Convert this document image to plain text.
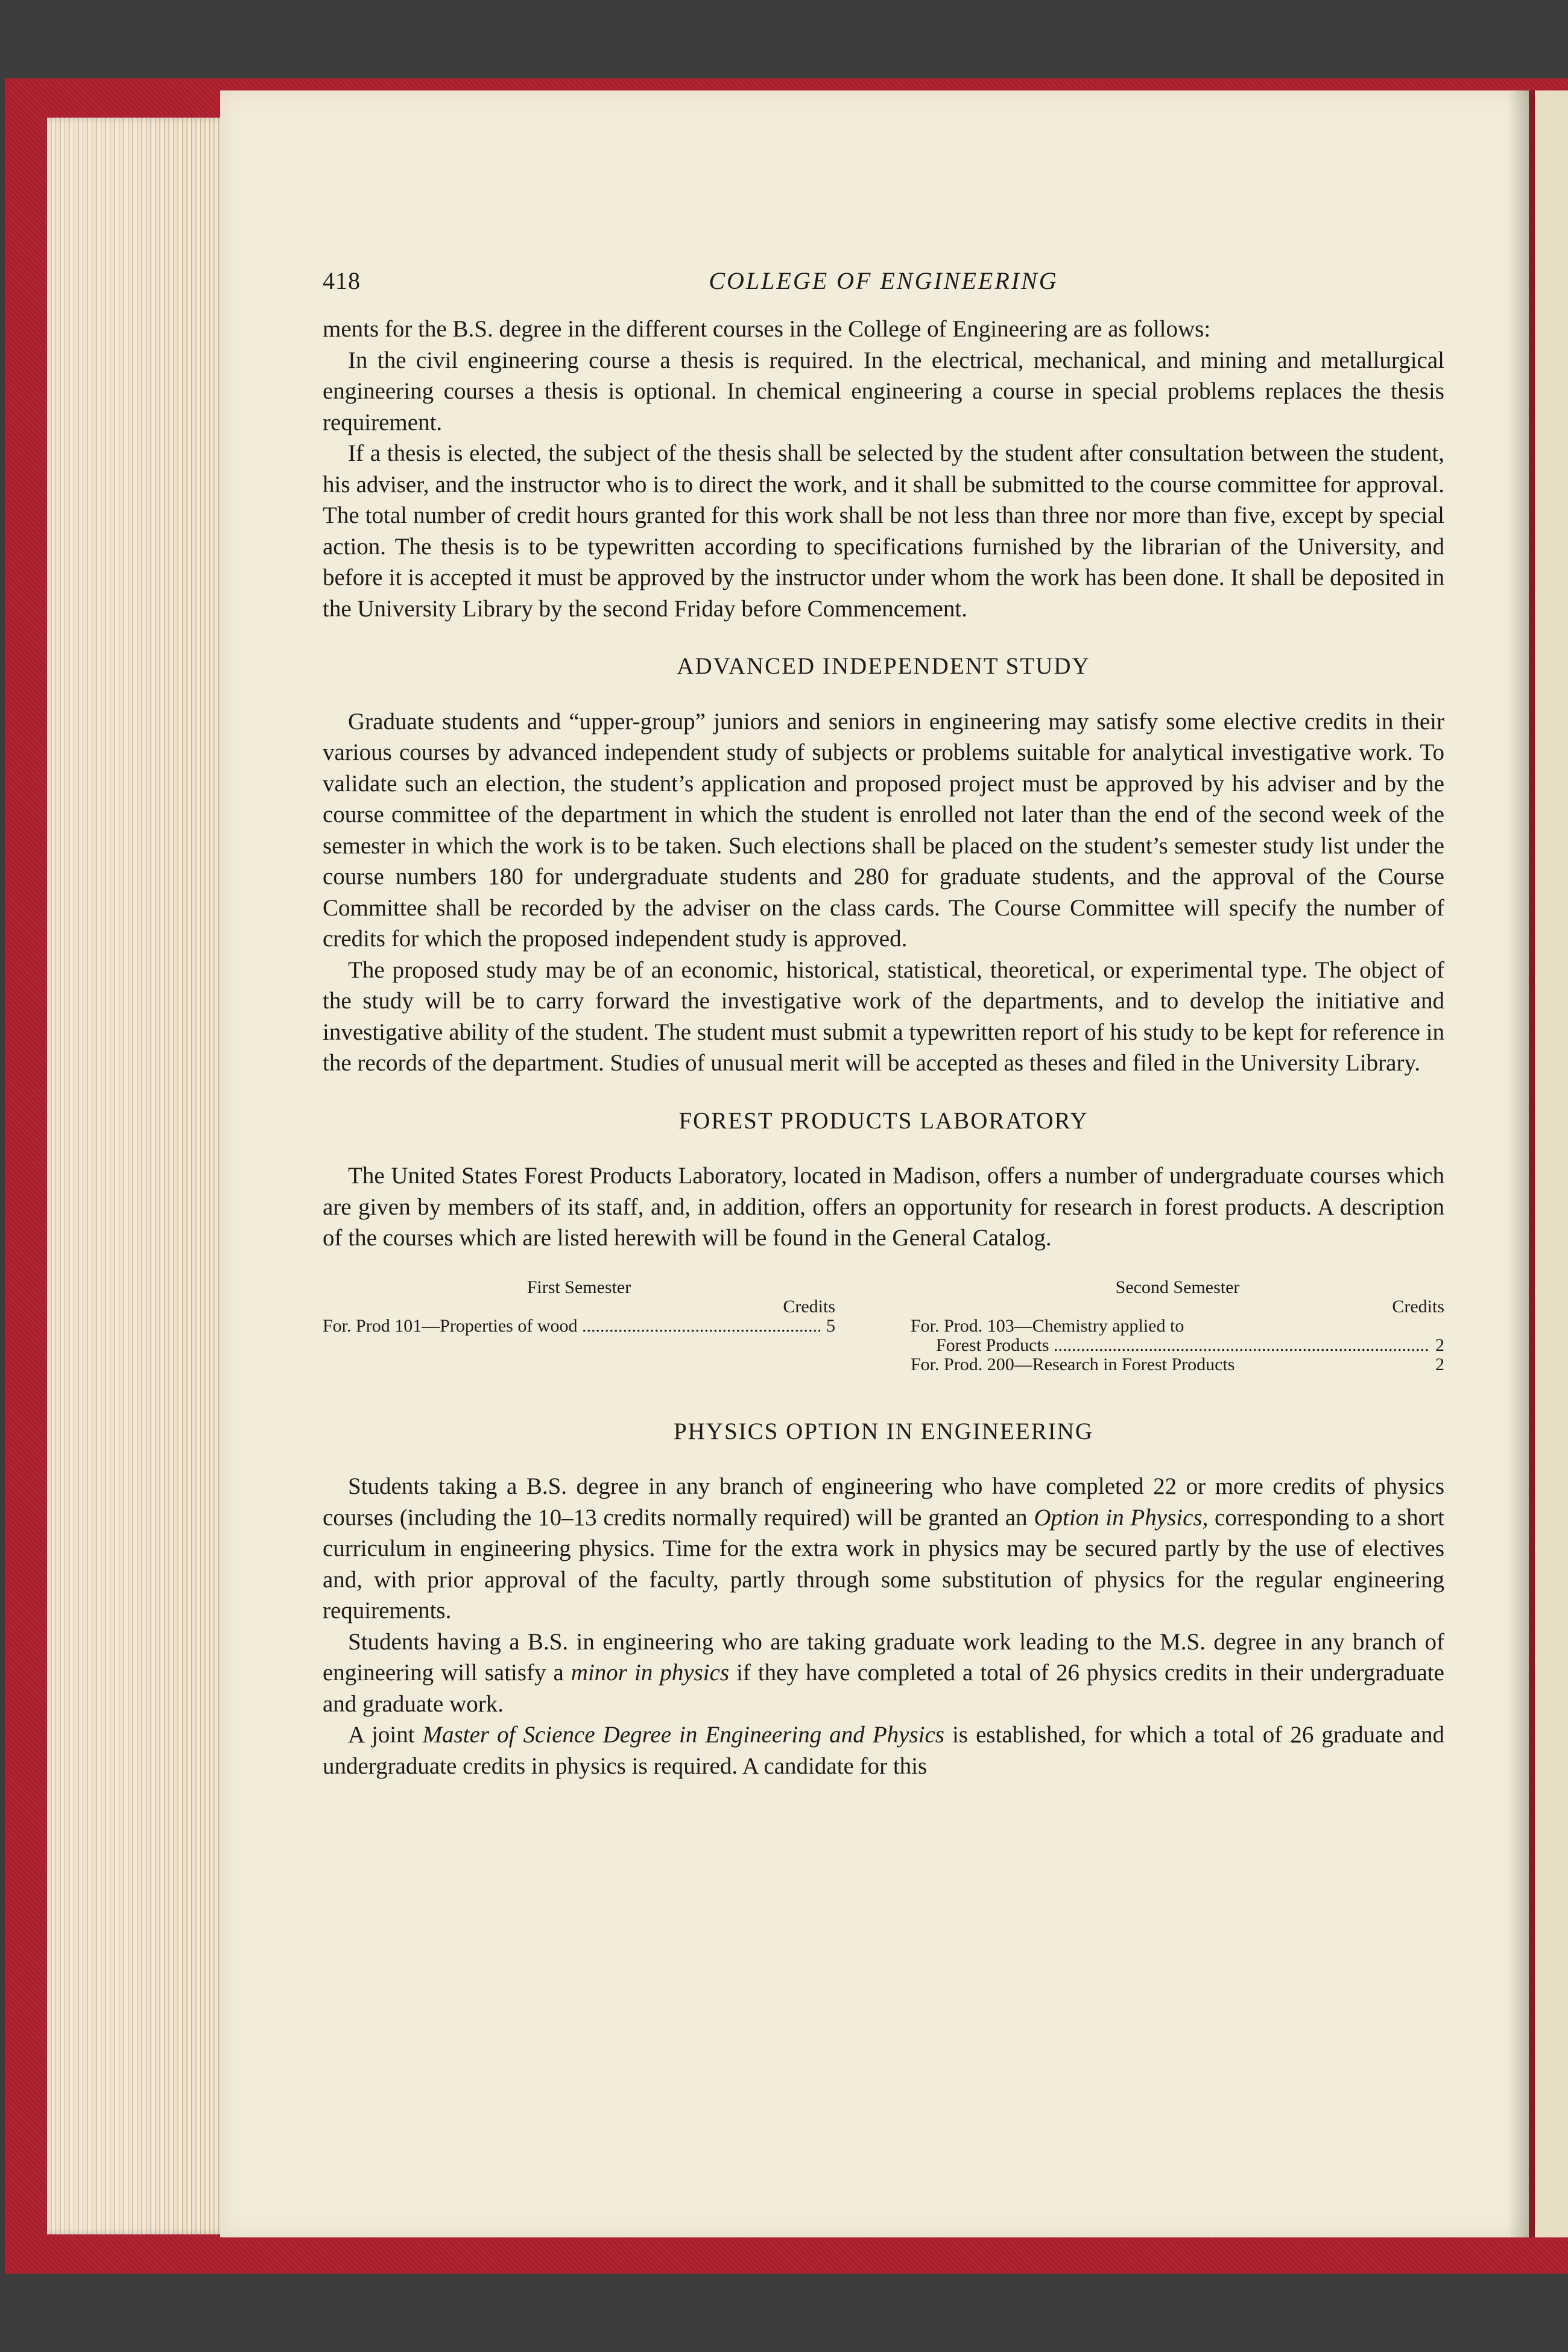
418	COLLEGE OF ENGINEERING

ments for the B.S. degree in the different courses in the College of Engineering are as follows:

In the civil engineering course a thesis is required. In the electrical, mechanical, and mining and metallurgical engineering courses a thesis is optional. In chemical engineering a course in special problems replaces the thesis requirement.

If a thesis is elected, the subject of the thesis shall be selected by the student after consultation between the student, his adviser, and the instructor who is to direct the work, and it shall be submitted to the course committee for approval. The total number of credit hours granted for this work shall be not less than three nor more than five, except by special action. The thesis is to be typewritten according to specifications furnished by the librarian of the University, and before it is accepted it must be approved by the instructor under whom the work has been done. It shall be deposited in the University Library by the second Friday before Commencement.

ADVANCED INDEPENDENT STUDY

Graduate students and “upper-group” juniors and seniors in engineering may satisfy some elective credits in their various courses by advanced independent study of subjects or problems suitable for analytical investigative work. To validate such an election, the student’s application and proposed project must be approved by his adviser and by the course committee of the department in which the student is enrolled not later than the end of the second week of the semester in which the work is to be taken. Such elections shall be placed on the student’s semester study list under the course numbers 180 for undergraduate students and 280 for graduate students, and the approval of the Course Committee shall be recorded by the adviser on the class cards. The Course Committee will specify the number of credits for which the proposed independent study is approved.

The proposed study may be of an economic, historical, statistical, theoretical, or experimental type. The object of the study will be to carry forward the investigative work of the departments, and to develop the initiative and investigative ability of the student. The student must submit a typewritten report of his study to be kept for reference in the records of the department. Studies of unusual merit will be accepted as theses and filed in the University Library.

FOREST PRODUCTS LABORATORY

The United States Forest Products Laboratory, located in Madison, offers a number of undergraduate courses which are given by members of its staff, and, in addition, offers an opportunity for research in forest products. A description of the courses which are listed herewith will be found in the General Catalog.

First Semester
Credits
For. Prod 101—Properties of wood .....	5
Second Semester
Credits
For. Prod. 103—Chemistry applied to
Forest Products .....	2
For. Prod. 200—Research in Forest Products	2
PHYSICS OPTION IN ENGINEERING

Students taking a B.S. degree in any branch of engineering who have completed 22 or more credits of physics courses (including the 10–13 credits normally required) will be granted an Option in Physics, corresponding to a short curriculum in engineering physics. Time for the extra work in physics may be secured partly by the use of electives and, with prior approval of the faculty, partly through some substitution of physics for the regular engineering requirements.

Students having a B.S. in engineering who are taking graduate work leading to the M.S. degree in any branch of engineering will satisfy a minor in physics if they have completed a total of 26 physics credits in their undergraduate and graduate work.

A joint Master of Science Degree in Engineering and Physics is established, for which a total of 26 graduate and undergraduate credits in physics is required. A candidate for this
